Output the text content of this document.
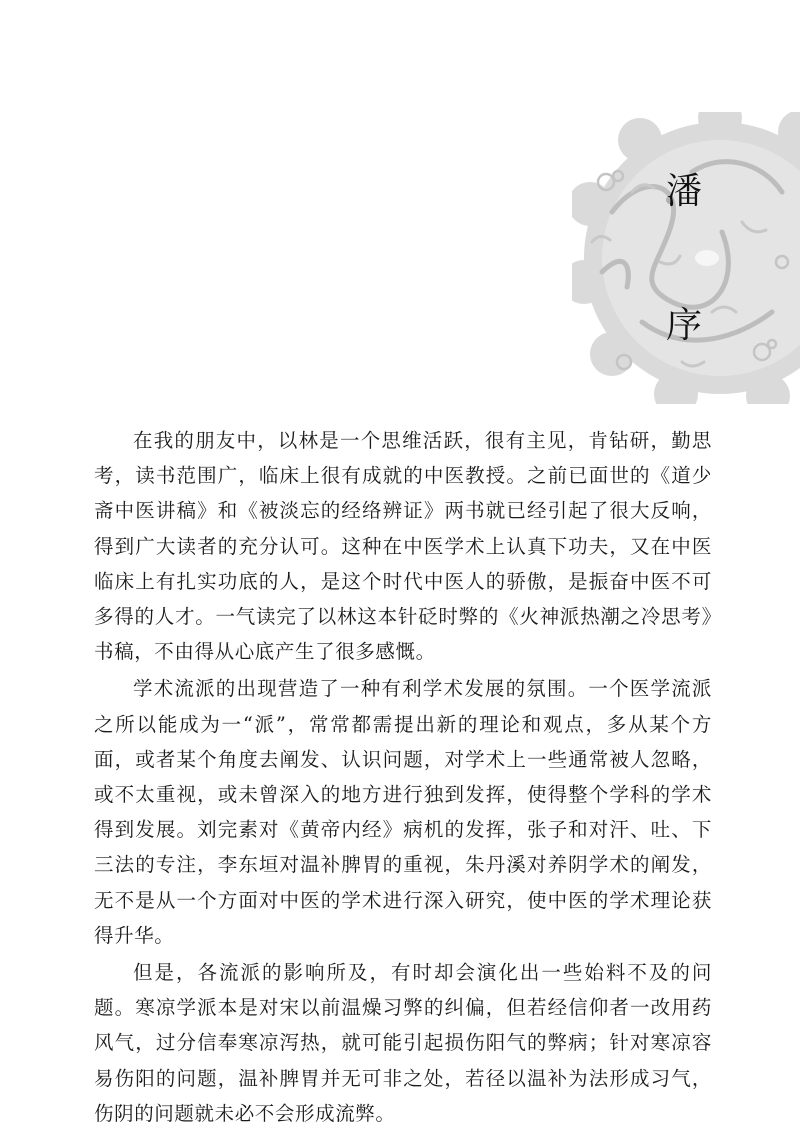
潘
序

在我的朋友中，以林是一个思维活跃，很有主见，肯钻研，勤思考，读书范围广，临床上很有成就的中医教授。之前已面世的《道少斋中医讲稿》和《被淡忘的经络辨证》两书就已经引起了很大反响，得到广大读者的充分认可。这种在中医学术上认真下功夫，又在中医临床上有扎实功底的人，是这个时代中医人的骄傲，是振奋中医不可多得的人才。一气读完了以林这本针砭时弊的《火神派热潮之冷思考》书稿，不由得从心底产生了很多感慨。

学术流派的出现营造了一种有利学术发展的氛围。一个医学流派之所以能成为一“派”，常常都需提出新的理论和观点，多从某个方面，或者某个角度去阐发、认识问题，对学术上一些通常被人忽略，或不太重视，或未曾深入的地方进行独到发挥，使得整个学科的学术得到发展。刘完素对《黄帝内经》病机的发挥，张子和对汗、吐、下三法的专注，李东垣对温补脾胃的重视，朱丹溪对养阴学术的阐发，无不是从一个方面对中医的学术进行深入研究，使中医的学术理论获得升华。

但是，各流派的影响所及，有时却会演化出一些始料不及的问题。寒凉学派本是对宋以前温燥习弊的纠偏，但若经信仰者一改用药风气，过分信奉寒凉泻热，就可能引起损伤阳气的弊病；针对寒凉容易伤阳的问题，温补脾胃并无可非之处，若径以温补为法形成习气，伤阴的问题就未必不会形成流弊。
